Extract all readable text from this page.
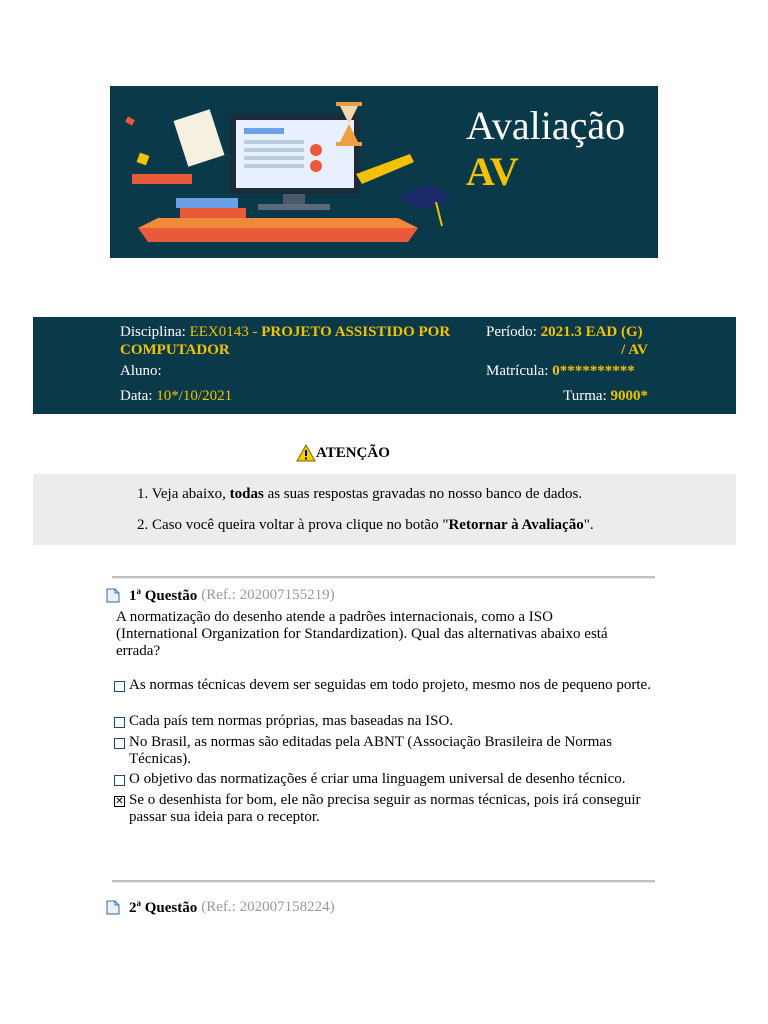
Avaliação
AV
Disciplina: EEX0143 - PROJETO ASSISTIDO POR
COMPUTADOR
Período: 2021.3 EAD (G)
/ AV
Aluno:	Matrícula: 0**********
Data: 10*/10/2021	Turma: 9000*
ATENÇÃO
1. Veja abaixo, todas as suas respostas gravadas no nosso banco de dados.
2. Caso você queira voltar à prova clique no botão "Retornar à Avaliação".
1$^a$ Questão (Ref.: 202007155219)
A normatização do desenho atende a padrões internacionais, como a ISO (International Organization for Standardization). Qual das alternativas abaixo está errada?
As normas técnicas devem ser seguidas em todo projeto, mesmo nos de pequeno porte.
Cada país tem normas próprias, mas baseadas na ISO.
No Brasil, as normas são editadas pela ABNT (Associação Brasileira de Normas Técnicas).
O objetivo das normatizações é criar uma linguagem universal de desenho técnico.
✕ Se o desenhista for bom, ele não precisa seguir as normas técnicas, pois irá conseguir passar sua ideia para o receptor.
2$^a$ Questão (Ref.: 202007158224)
